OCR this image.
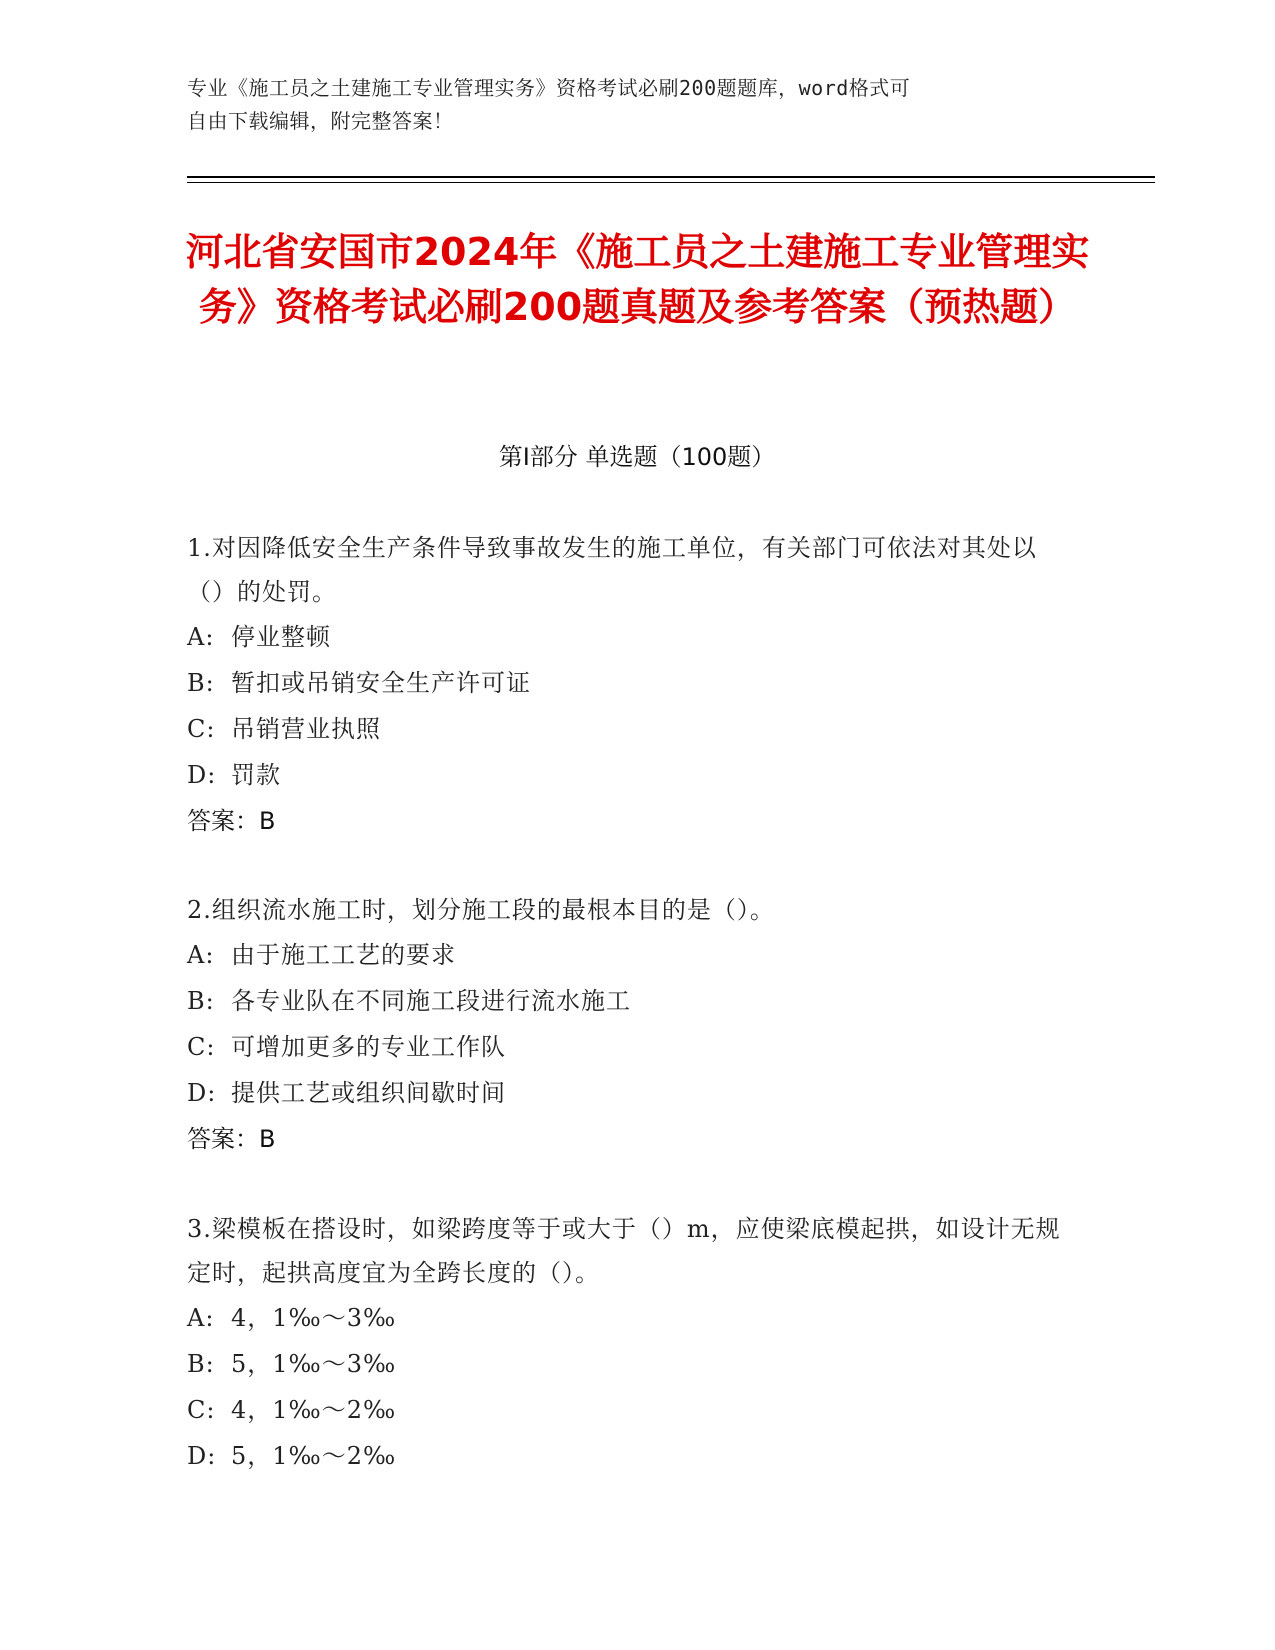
专业《施工员之土建施工专业管理实务》资格考试必刷200题题库，word格式可
自由下载编辑，附完整答案！
河北省安国市2024年《施工员之土建施工专业管理实务》资格考试必刷200题真题及参考答案（预热题）
第I部分 单选题（100题）
1.对因降低安全生产条件导致事故发生的施工单位，有关部门可依法对其处以（）的处罚。
A: 停业整顿
B: 暂扣或吊销安全生产许可证
C: 吊销营业执照
D: 罚款
答案：B
2.组织流水施工时，划分施工段的最根本目的是（）。
A: 由于施工工艺的要求
B: 各专业队在不同施工段进行流水施工
C: 可增加更多的专业工作队
D: 提供工艺或组织间歇时间
答案：B
3.梁模板在搭设时，如梁跨度等于或大于（）m，应使梁底模起拱，如设计无规定时，起拱高度宜为全跨长度的（）。
A: 4，1‰～3‰
B: 5，1‰～3‰
C: 4，1‰～2‰
D: 5，1‰～2‰
